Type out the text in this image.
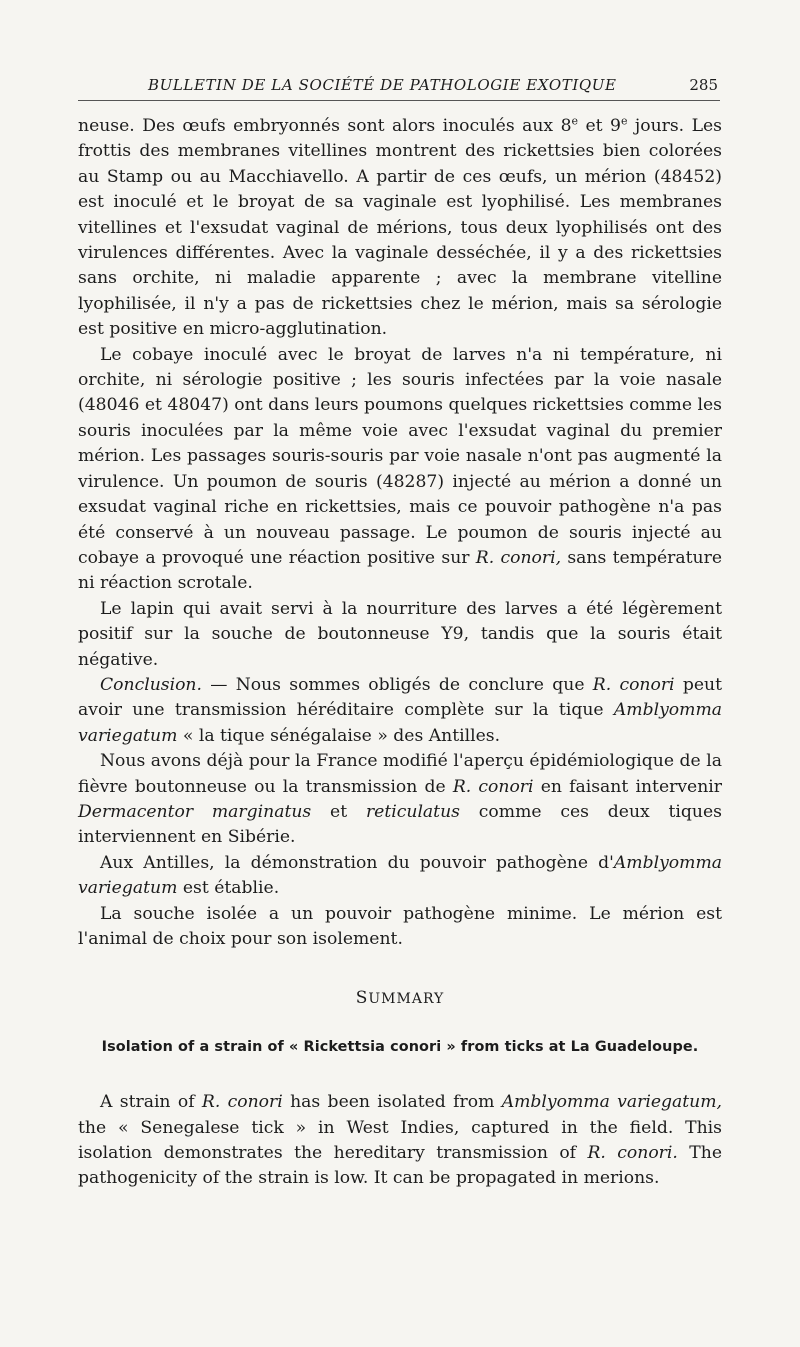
BULLETIN DE LA SOCIÉTÉ DE PATHOLOGIE EXOTIQUE	285

neuse. Des œufs embryonnés sont alors inoculés aux 8e et 9e jours. Les frottis des membranes vitellines montrent des rickettsies bien colorées au Stamp ou au Macchiavello. A partir de ces œufs, un mérion (48452) est inoculé et le broyat de sa vaginale est lyophilisé. Les membranes vitellines et l'exsudat vaginal de mérions, tous deux lyophilisés ont des virulences différentes. Avec la vaginale desséchée, il y a des rickettsies sans orchite, ni maladie apparente ; avec la membrane vitelline lyophilisée, il n'y a pas de rickettsies chez le mérion, mais sa sérologie est positive en micro-agglutination.

Le cobaye inoculé avec le broyat de larves n'a ni température, ni orchite, ni sérologie positive ; les souris infectées par la voie nasale (48046 et 48047) ont dans leurs poumons quelques rickettsies comme les souris inoculées par la même voie avec l'exsudat vaginal du premier mérion. Les passages souris-souris par voie nasale n'ont pas augmenté la virulence. Un poumon de souris (48287) injecté au mérion a donné un exsudat vaginal riche en rickettsies, mais ce pouvoir pathogène n'a pas été conservé à un nouveau passage. Le poumon de souris injecté au cobaye a provoqué une réaction positive sur R. conori, sans température ni réaction scrotale.

Le lapin qui avait servi à la nourriture des larves a été légèrement positif sur la souche de boutonneuse Y9, tandis que la souris était négative.

Conclusion. — Nous sommes obligés de conclure que R. conori peut avoir une transmission héréditaire complète sur la tique Amblyomma variegatum « la tique sénégalaise » des Antilles.

Nous avons déjà pour la France modifié l'aperçu épidémiologique de la fièvre boutonneuse ou la transmission de R. conori en faisant intervenir Dermacentor marginatus et reticulatus comme ces deux tiques interviennent en Sibérie.

Aux Antilles, la démonstration du pouvoir pathogène d'Amblyomma variegatum est établie.

La souche isolée a un pouvoir pathogène minime. Le mérion est l'animal de choix pour son isolement.

SUMMARY
Isolation of a strain of « Rickettsia conori » from ticks at La Guadeloupe.

A strain of R. conori has been isolated from Amblyomma variegatum, the « Senegalese tick » in West Indies, captured in the field. This isolation demonstrates the hereditary transmission of R. conori. The pathogenicity of the strain is low. It can be propagated in merions.
